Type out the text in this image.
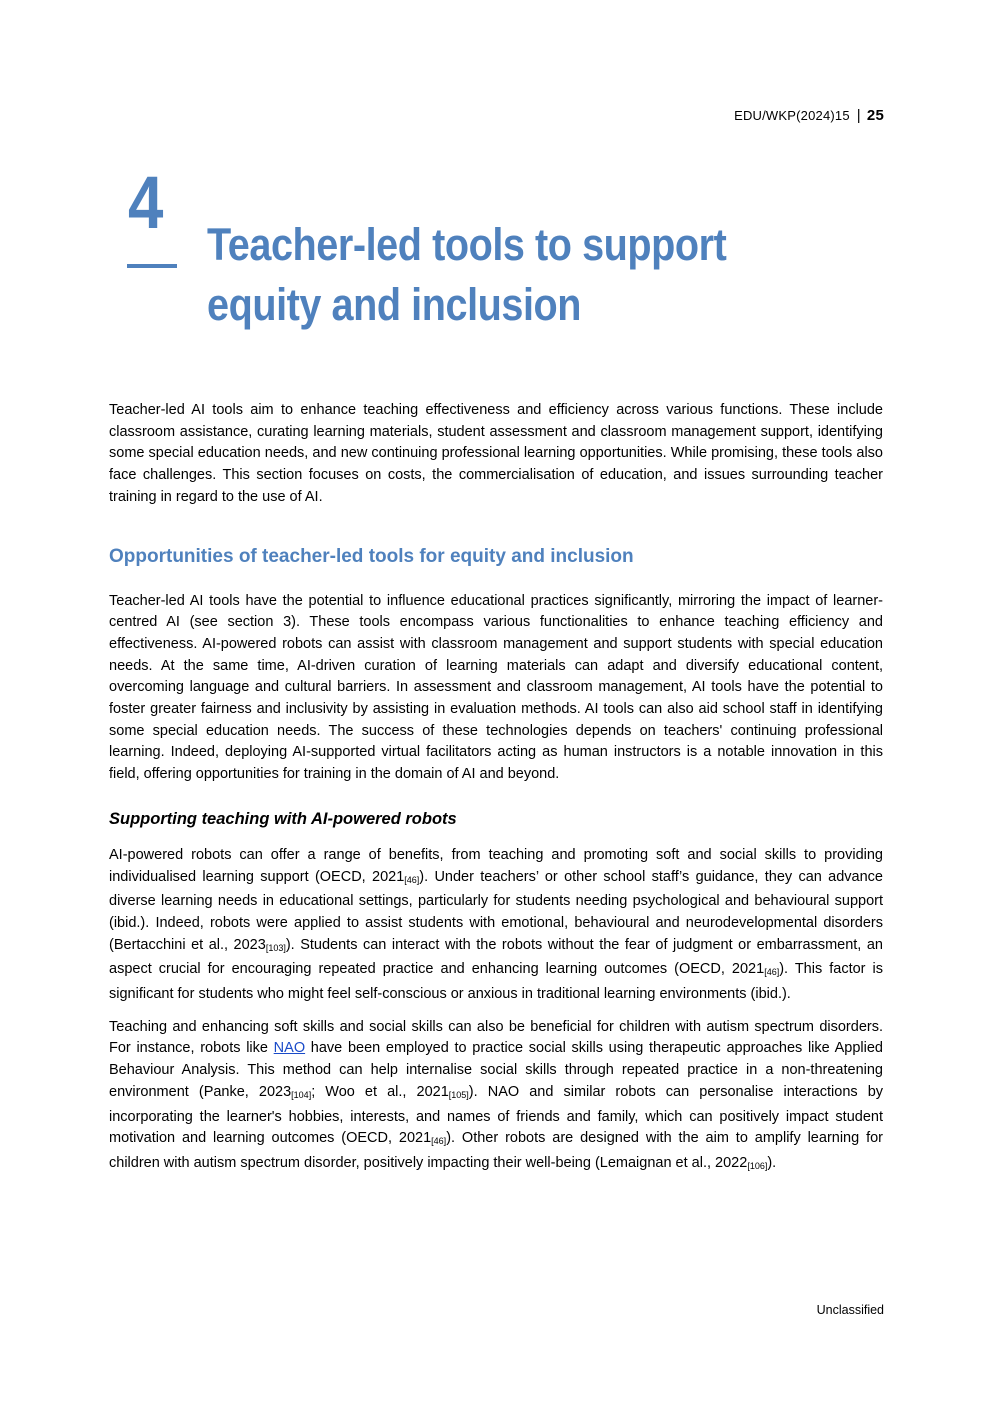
EDU/WKP(2024)15 | 25
4
Teacher-led tools to support equity and inclusion

Teacher-led AI tools aim to enhance teaching effectiveness and efficiency across various functions. These include classroom assistance, curating learning materials, student assessment and classroom management support, identifying some special education needs, and new continuing professional learning opportunities. While promising, these tools also face challenges. This section focuses on costs, the commercialisation of education, and issues surrounding teacher training in regard to the use of AI.

Opportunities of teacher-led tools for equity and inclusion

Teacher-led AI tools have the potential to influence educational practices significantly, mirroring the impact of learner-centred AI (see section 3). These tools encompass various functionalities to enhance teaching efficiency and effectiveness. AI-powered robots can assist with classroom management and support students with special education needs. At the same time, AI-driven curation of learning materials can adapt and diversify educational content, overcoming language and cultural barriers. In assessment and classroom management, AI tools have the potential to foster greater fairness and inclusivity by assisting in evaluation methods. AI tools can also aid school staff in identifying some special education needs. The success of these technologies depends on teachers' continuing professional learning. Indeed, deploying AI-supported virtual facilitators acting as human instructors is a notable innovation in this field, offering opportunities for training in the domain of AI and beyond.

Supporting teaching with AI-powered robots

AI-powered robots can offer a range of benefits, from teaching and promoting soft and social skills to providing individualised learning support (OECD, 2021[46]). Under teachers’ or other school staff’s guidance, they can advance diverse learning needs in educational settings, particularly for students needing psychological and behavioural support (ibid.). Indeed, robots were applied to assist students with emotional, behavioural and neurodevelopmental disorders (Bertacchini et al., 2023[103]). Students can interact with the robots without the fear of judgment or embarrassment, an aspect crucial for encouraging repeated practice and enhancing learning outcomes (OECD, 2021[46]). This factor is significant for students who might feel self-conscious or anxious in traditional learning environments (ibid.).

Teaching and enhancing soft skills and social skills can also be beneficial for children with autism spectrum disorders. For instance, robots like NAO have been employed to practice social skills using therapeutic approaches like Applied Behaviour Analysis. This method can help internalise social skills through repeated practice in a non-threatening environment (Panke, 2023[104]; Woo et al., 2021[105]). NAO and similar robots can personalise interactions by incorporating the learner's hobbies, interests, and names of friends and family, which can positively impact student motivation and learning outcomes (OECD, 2021[46]). Other robots are designed with the aim to amplify learning for children with autism spectrum disorder, positively impacting their well-being (Lemaignan et al., 2022[106]).

Unclassified
